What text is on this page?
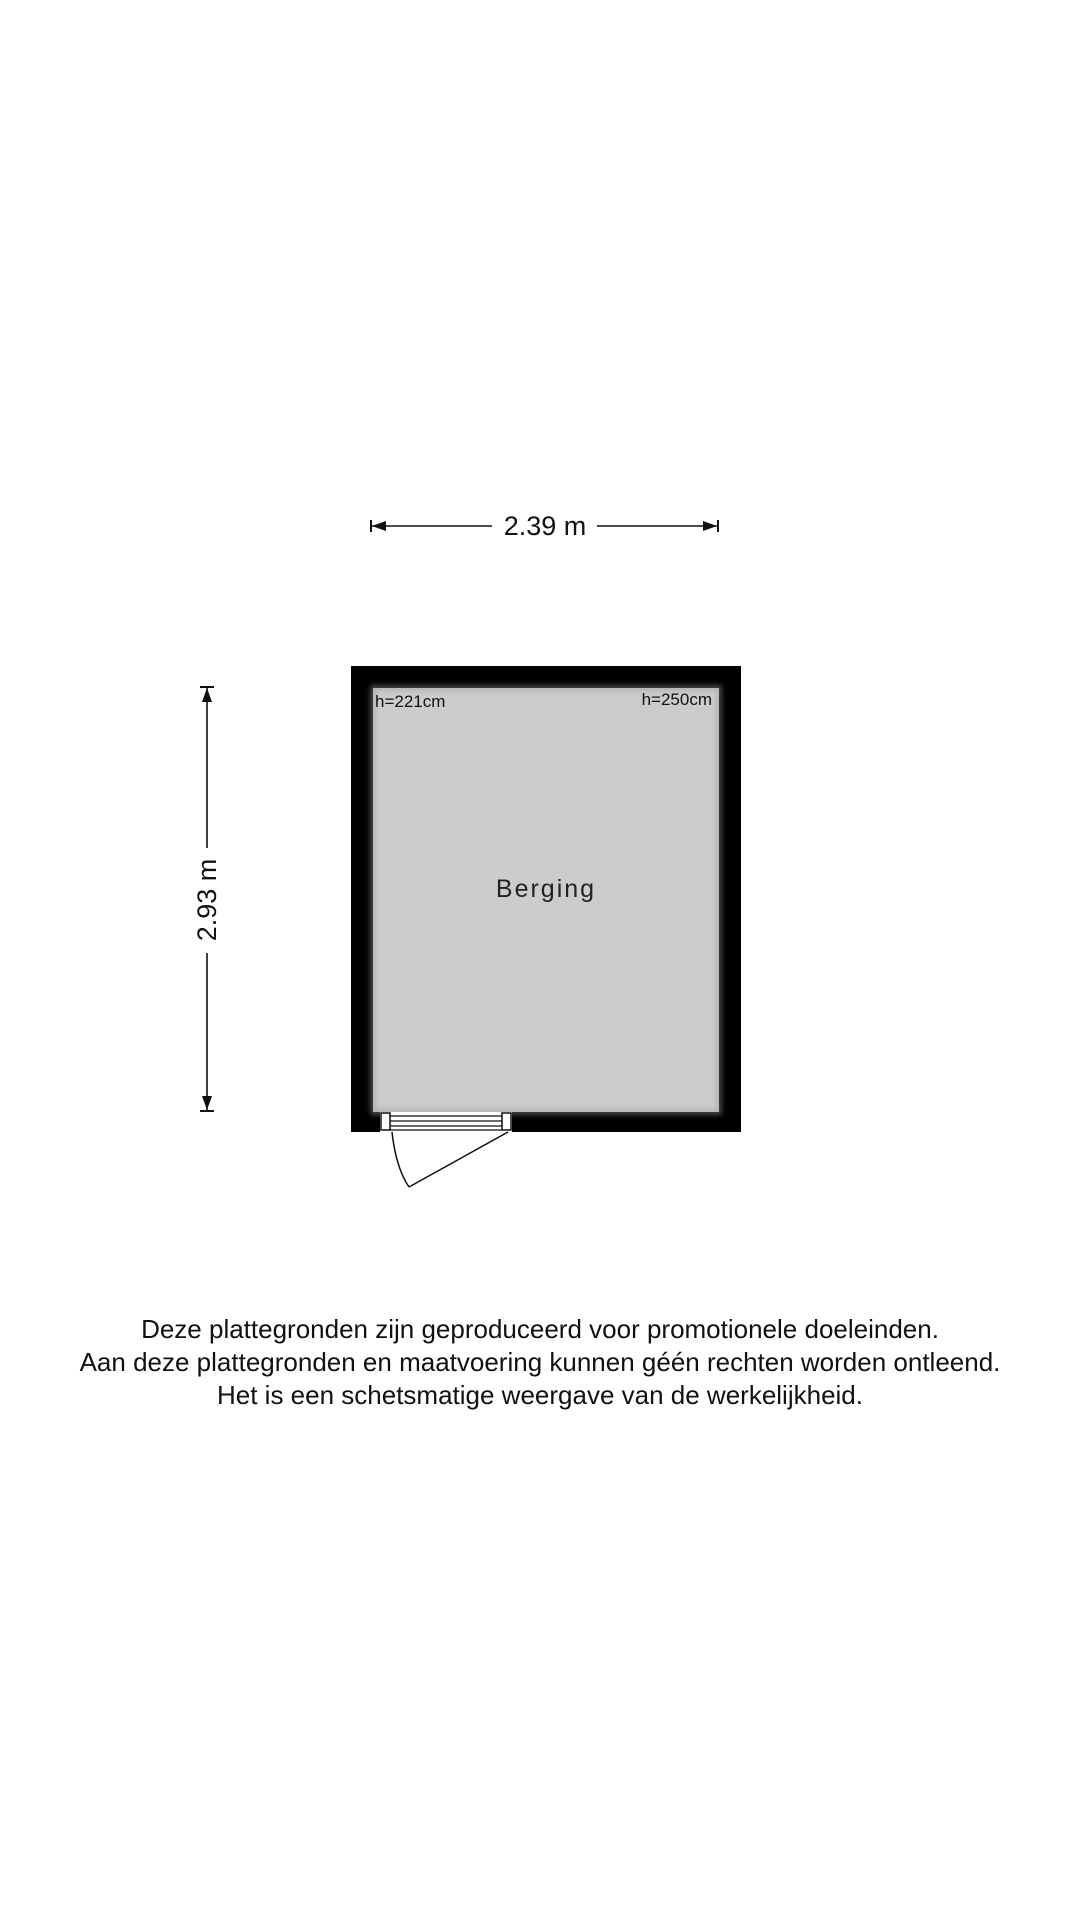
2.39 m
2.93 m
h=221cm	h=250cm
Berging
Deze plattegronden zijn geproduceerd voor promotionele doeleinden.
Aan deze plattegronden en maatvoering kunnen géén rechten worden ontleend.
Het is een schetsmatige weergave van de werkelijkheid.
